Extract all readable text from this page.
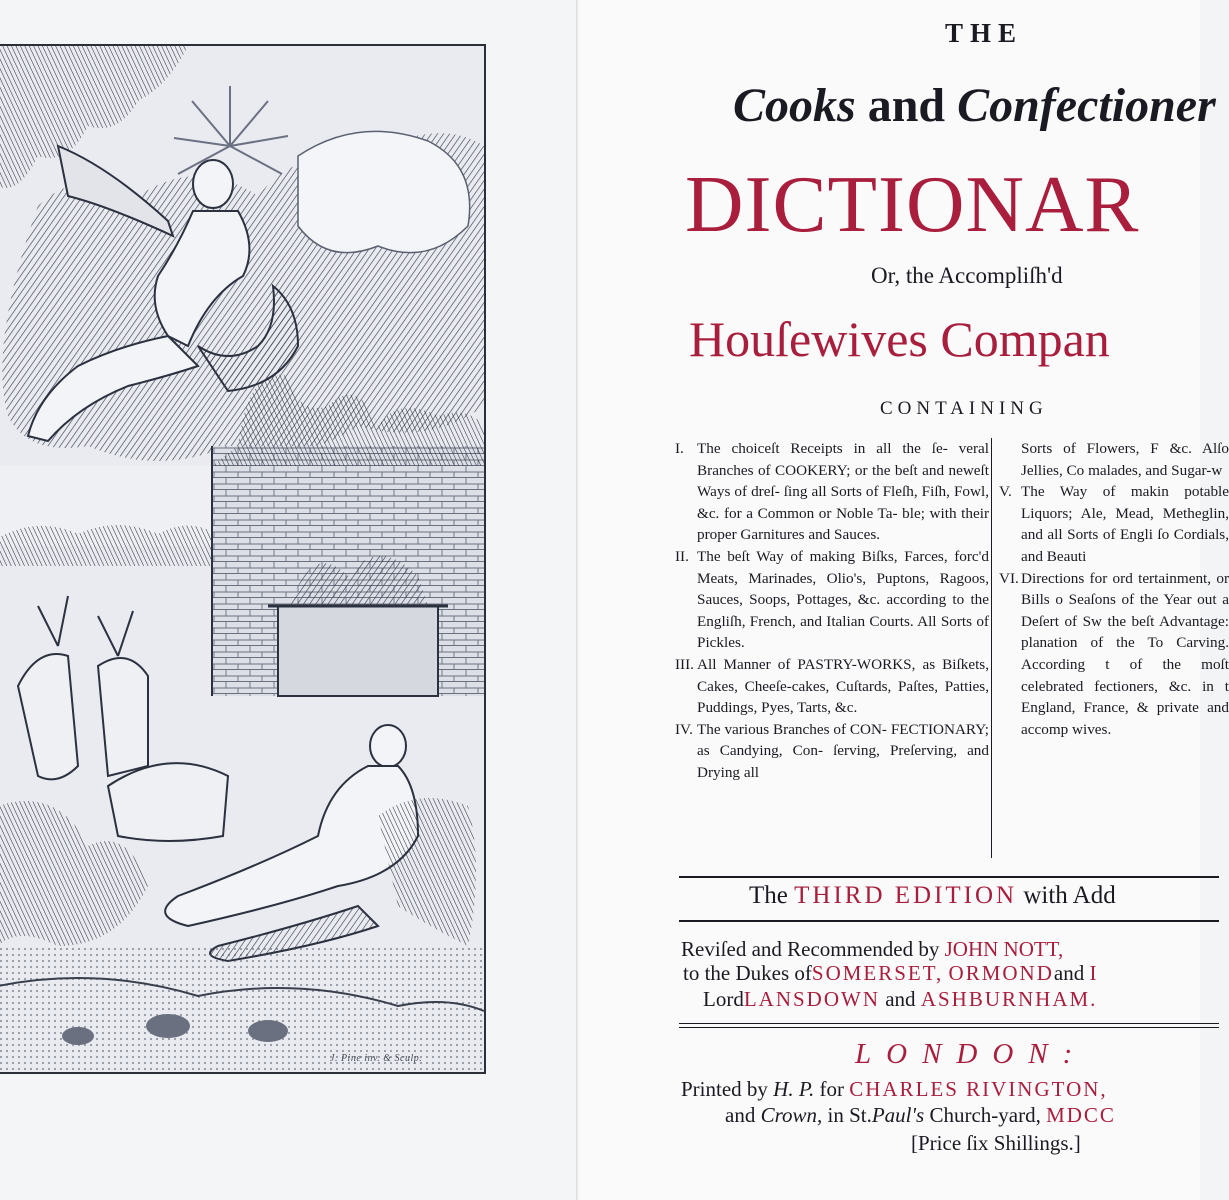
J. Pine inv. & Sculp.
THE
Cooks and Confectioner
DICTIONAR
Or, the Accompliſh'd
Houſewives Compan
CONTAINING

I. The choiceſt Receipts in all the ſe- veral Branches of COOKERY; or the beſt and neweſt Ways of dreſ- ſing all Sorts of Fleſh, Fiſh, Fowl, &c. for a Common or Noble Ta- ble; with their proper Garnitures and Sauces.

II. The beſt Way of making Biſks, Farces, forc'd Meats, Marinades, Olio's, Puptons, Ragoos, Sauces, Soops, Pottages, &c. according to the Engliſh, French, and Italian Courts. All Sorts of Pickles.

III. All Manner of PASTRY-WORKS, as Biſkets, Cakes, Cheeſe-cakes, Cuſtards, Paſtes, Patties, Puddings, Pyes, Tarts, &c.

IV. The various Branches of CON- FECTIONARY; as Candying, Con- ſerving, Preſerving, and Drying all

Sorts of Flowers, F &c. Alſo Jellies, Co malades, and Sugar-w

V. The Way of makin potable Liquors; Ale, Mead, Metheglin, and all Sorts of Engli ſo Cordials, and Beauti

VI. Directions for ord tertainment, or Bills o Seaſons of the Year out a Deſert of Sw the beſt Advantage: planation of the To Carving. According t of the moſt celebrated fectioners, &c. in t England, France, & private and accomp wives.

The THIRD EDITION with Add
Reviſed and Recommended by JOHN NOTT,
to the Dukes ofSOMERSET, ORMONDand I
LordLANSDOWN and ASHBURNHAM.
LONDON:
Printed by H. P. for CHARLES RIVINGTON,
and Crown, in St.Paul's Church-yard, MDCC
[Price ſix Shillings.]
